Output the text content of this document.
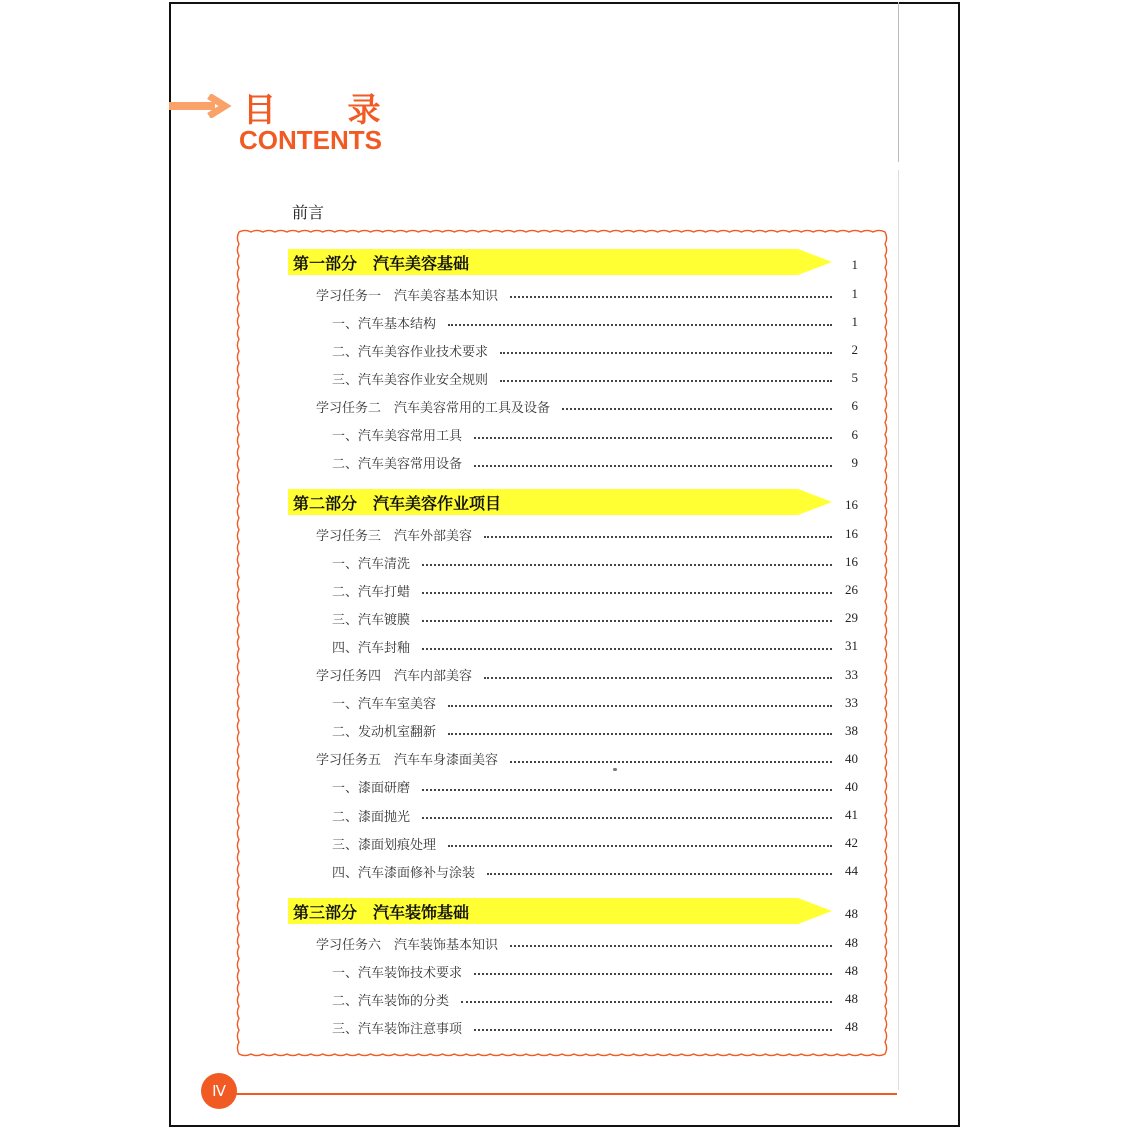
目 录
CONTENTS
前言
第一部分　汽车美容基础	1
学习任务一　汽车美容基本知识	1
一、汽车基本结构	1
二、汽车美容作业技术要求	2
三、汽车美容作业安全规则	5
学习任务二　汽车美容常用的工具及设备	6
一、汽车美容常用工具	6
二、汽车美容常用设备	9
第二部分　汽车美容作业项目	16
学习任务三　汽车外部美容	16
一、汽车清洗	16
二、汽车打蜡	26
三、汽车镀膜	29
四、汽车封釉	31
学习任务四　汽车内部美容	33
一、汽车车室美容	33
二、发动机室翻新	38
学习任务五　汽车车身漆面美容	40
一、漆面研磨	40
二、漆面抛光	41
三、漆面划痕处理	42
四、汽车漆面修补与涂装	44
第三部分　汽车装饰基础	48
学习任务六　汽车装饰基本知识	48
一、汽车装饰技术要求	48
二、汽车装饰的分类	48
三、汽车装饰注意事项	48
Ⅳ
